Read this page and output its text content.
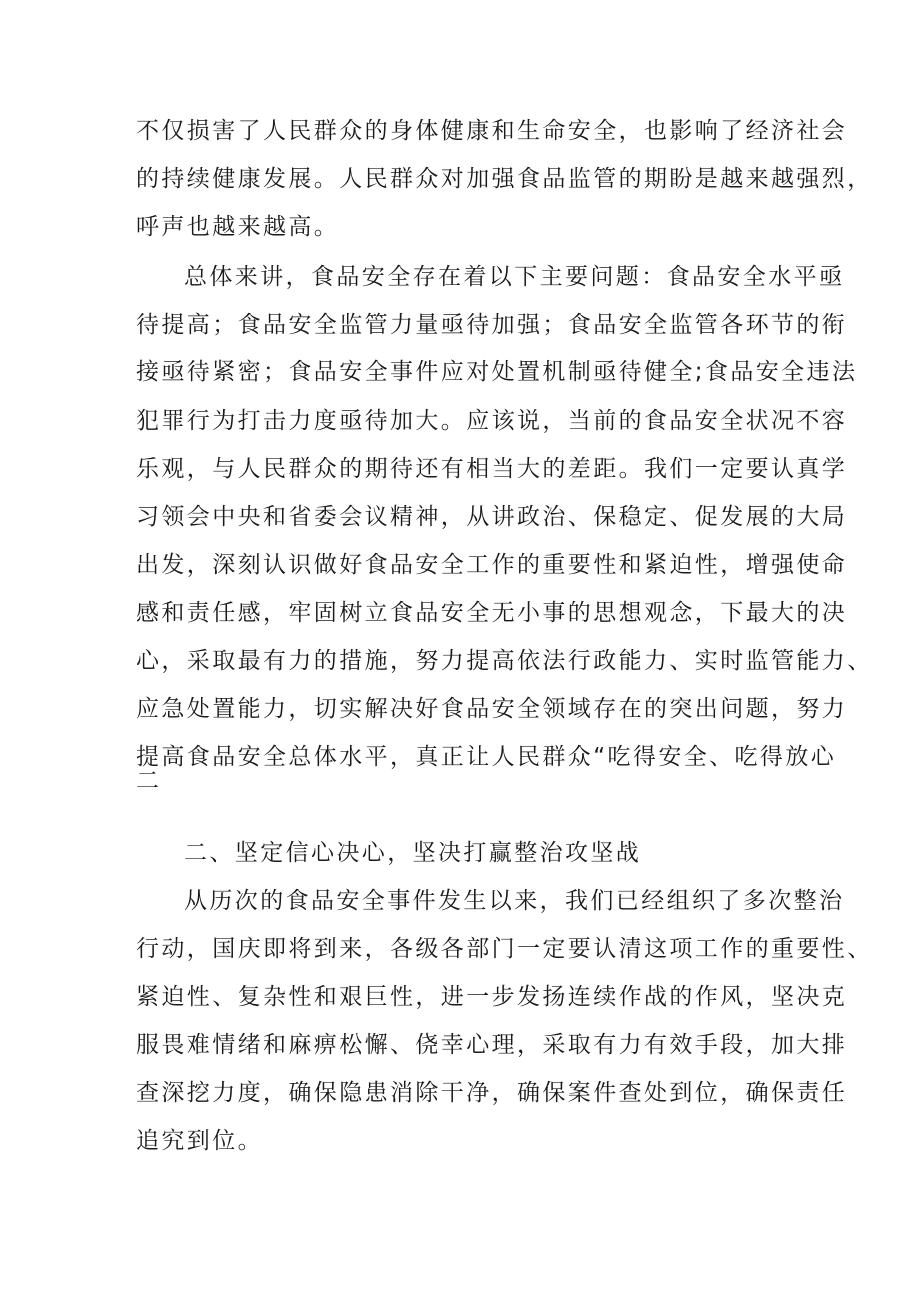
不仅损害了人民群众的身体健康和生命安全，也影响了经济社会
的持续健康发展。人民群众对加强食品监管的期盼是越来越强烈，
呼声也越来越高。
总体来讲，食品安全存在着以下主要问题：食品安全水平亟
待提高；食品安全监管力量亟待加强；食品安全监管各环节的衔
接亟待紧密；食品安全事件应对处置机制亟待健全;食品安全违法
犯罪行为打击力度亟待加大。应该说，当前的食品安全状况不容
乐观，与人民群众的期待还有相当大的差距。我们一定要认真学
习领会中央和省委会议精神，从讲政治、保稳定、促发展的大局
出发，深刻认识做好食品安全工作的重要性和紧迫性，增强使命
感和责任感，牢固树立食品安全无小事的思想观念，下最大的决
心，采取最有力的措施，努力提高依法行政能力、实时监管能力、
应急处置能力，切实解决好食品安全领域存在的突出问题，努力
提高食品安全总体水平，真正让人民群众“吃得安全、吃得放心
二
二、坚定信心决心，坚决打赢整治攻坚战
从历次的食品安全事件发生以来，我们已经组织了多次整治
行动，国庆即将到来，各级各部门一定要认清这项工作的重要性、
紧迫性、复杂性和艰巨性，进一步发扬连续作战的作风，坚决克
服畏难情绪和麻痹松懈、侥幸心理，采取有力有效手段，加大排
查深挖力度，确保隐患消除干净，确保案件查处到位，确保责任
追究到位。
